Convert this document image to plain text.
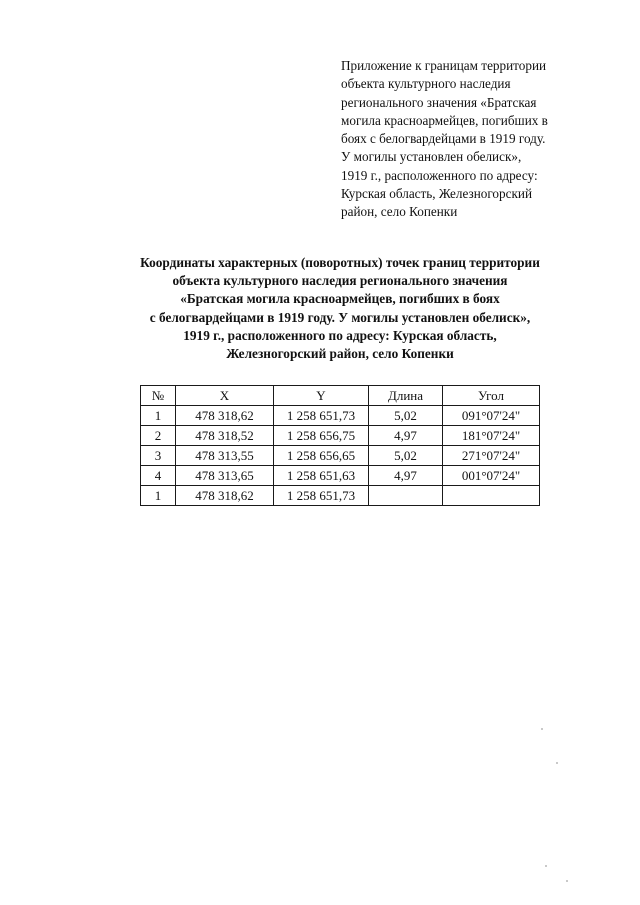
Приложение к границам территории
объекта культурного наследия
регионального значения «Братская
могила красноармейцев, погибших в
боях с белогвардейцами в 1919 году.
У могилы установлен обелиск»,
1919 г., расположенного по адресу:
Курская область, Железногорский
район, село Копенки
Координаты характерных (поворотных) точек границ территории
объекта культурного наследия регионального значения
«Братская могила красноармейцев, погибших в боях
с белогвардейцами в 1919 году. У могилы установлен обелиск»,
1919 г., расположенного по адресу: Курская область,
Железногорский район, село Копенки
№	X	Y	Длина	Угол
1	478 318,62	1 258 651,73	5,02	091°07'24"
2	478 318,52	1 258 656,75	4,97	181°07'24"
3	478 313,55	1 258 656,65	5,02	271°07'24"
4	478 313,65	1 258 651,63	4,97	001°07'24"
1	478 318,62	1 258 651,73		
